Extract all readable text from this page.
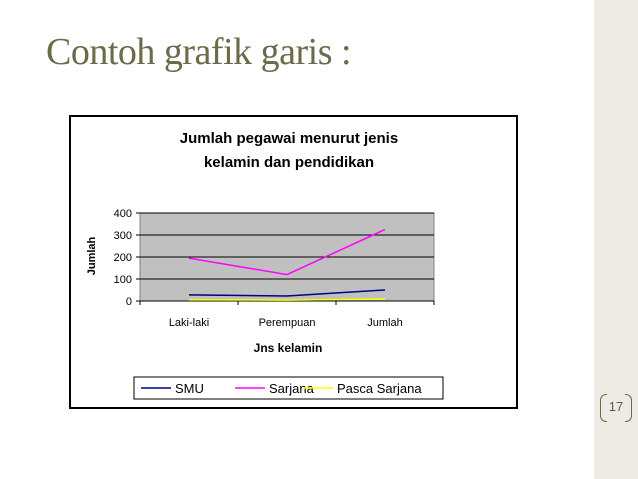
Contoh grafik garis :
17
Jumlah pegawai menurut jenis
kelamin dan pendidikan
0
100
200
300
400
Laki-laki	Perempuan	Jumlah
Jumlah
Jns kelamin
SMU	Sarjana Pasca Sarjana
